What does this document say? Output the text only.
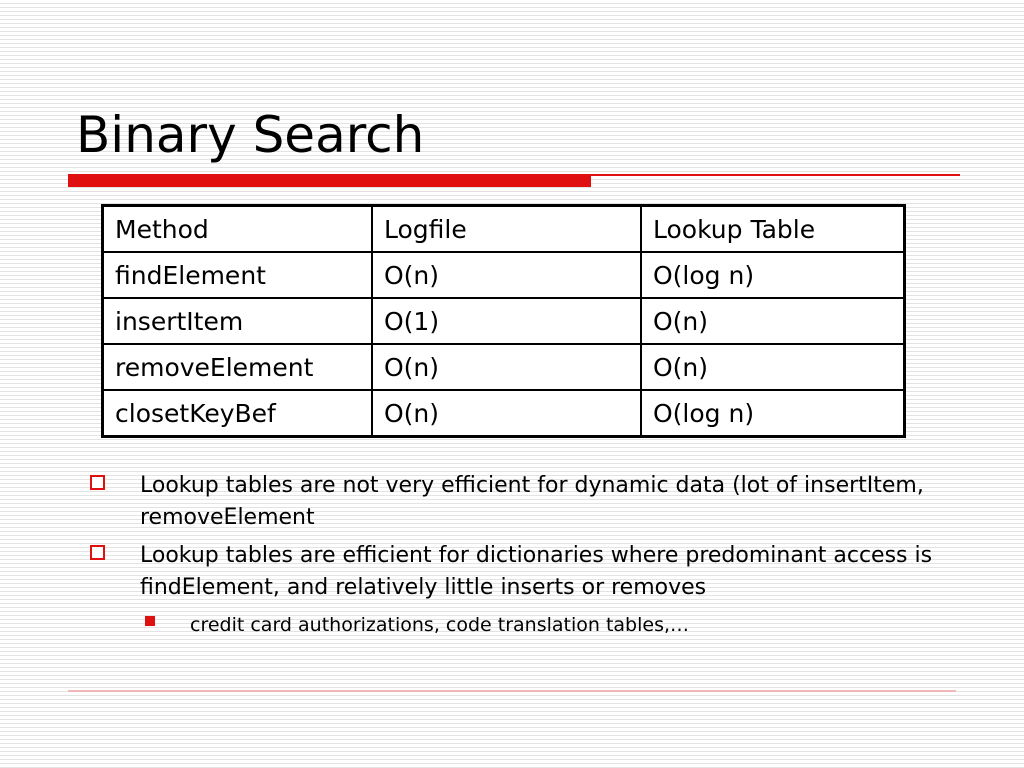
Binary Search
Method	Logfile	Lookup Table
findElement	O(n)	O(log n)
insertItem	O(1)	O(n)
removeElement	O(n)	O(n)
closetKeyBef	O(n)	O(log n)
Lookup tables are not very efficient for dynamic data (lot of insertItem, removeElement
Lookup tables are efficient for dictionaries where predominant access is findElement, and relatively little inserts or removes
credit card authorizations, code translation tables,…
